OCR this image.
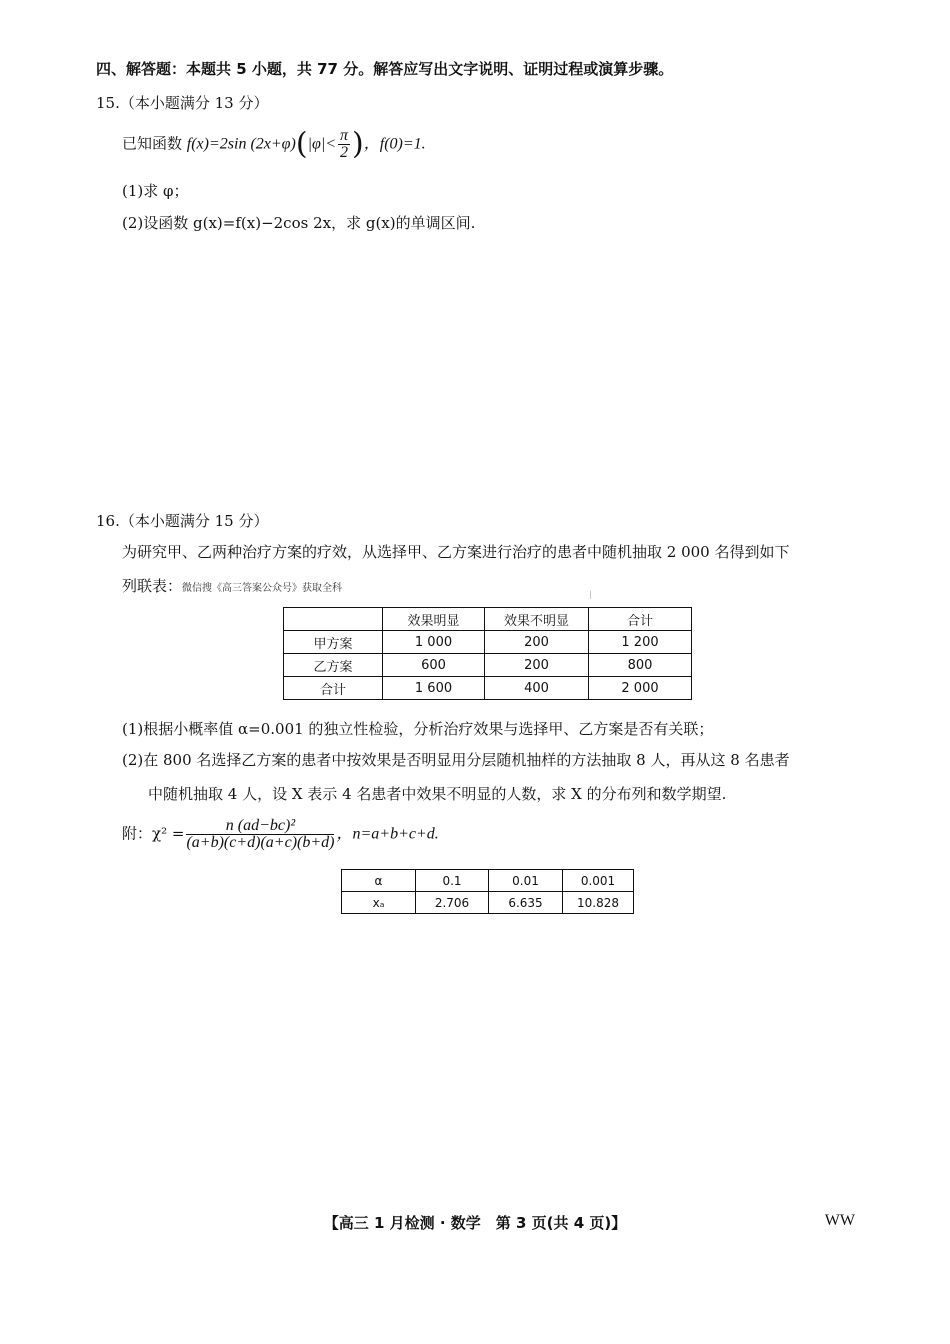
四、解答题：本题共 5 小题，共 77 分。解答应写出文字说明、证明过程或演算步骤。
15.（本小题满分 13 分）
已知函数 f(x)=2sin $(2x+\varphi)(|\varphi|< \frac{\pi}{2}$ )，f(0)=1.
(1)求 φ；
(2)设函数 g(x)=f(x)−2cos 2x，求 g(x)的单调区间.
16.（本小题满分 15 分）
为研究甲、乙两种治疗方案的疗效，从选择甲、乙方案进行治疗的患者中随机抽取 2 000 名得到如下
列联表：微信搜《高三答案公众号》获取全科
|
	效果明显	效果不明显	合计
甲方案	1 000	200	1 200
乙方案	600	200	800
合计	1 600	400	2 000
(1)根据小概率值 α=0.001 的独立性检验，分析治疗效果与选择甲、乙方案是否有关联；
(2)在 800 名选择乙方案的患者中按效果是否明显用分层随机抽样的方法抽取 8 人，再从这 8 名患者
中随机抽取 4 人，设 X 表示 4 名患者中效果不明显的人数，求 X 的分布列和数学期望.
附：$\chi^2 = \frac{\text{n (ad−bc)²}}{(a+b)(c+d)(a+c)(b+d)}$ ，n=a+b+c+d.
α	0.1	0.01	0.001
xₐ	2.706	6.635	10.828
【高三 1 月检测 · 数学　第 3 页(共 4 页)】	WW
